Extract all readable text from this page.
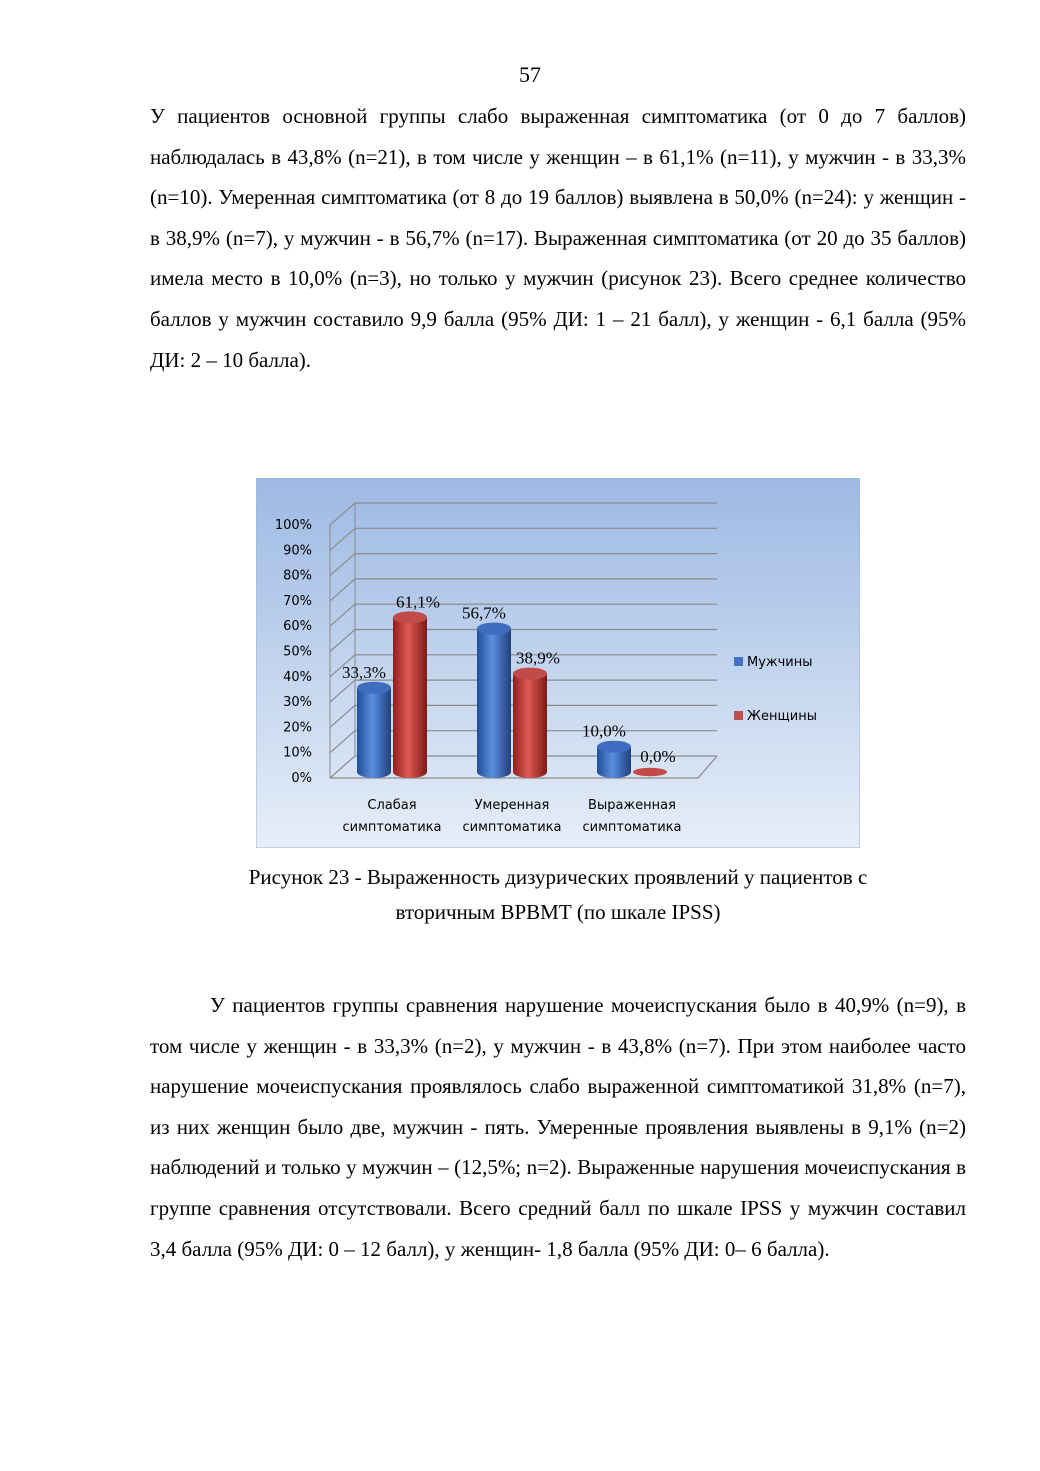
57

У пациентов основной группы слабо выраженная симптоматика (от 0 до 7 баллов) наблюдалась в 43,8% (n=21), в том числе у женщин – в 61,1% (n=11), у мужчин - в 33,3% (n=10). Умеренная симптоматика (от 8 до 19 баллов) выявлена в 50,0% (n=24): у женщин - в 38,9% (n=7), у мужчин - в 56,7% (n=17). Выраженная симптоматика (от 20 до 35 баллов) имела место в 10,0% (n=3), но только у мужчин (рисунок 23). Всего среднее количество баллов у мужчин составило 9,9 балла (95% ДИ: 1 – 21 балл), у женщин - 6,1 балла (95% ДИ: 2 – 10 балла).

0%
10%
20%
30%
40%
50%
60%
70%
80%
90%
100%
33,3%
61,1%
56,7%
38,9%
10,0%
0,0%
Слабая симптоматика
Умеренная симптоматика
Выраженная симптоматика
Мужчины
Женщины
Рисунок 23 - Выраженность дизурических проявлений у пациентов с
вторичным ВРВМТ (по шкале IPSS)

У пациентов группы сравнения нарушение мочеиспускания было в 40,9% (n=9), в том числе у женщин - в 33,3% (n=2), у мужчин - в 43,8% (n=7). При этом наиболее часто нарушение мочеиспускания проявлялось слабо выраженной симптоматикой 31,8% (n=7), из них женщин было две, мужчин - пять. Умеренные проявления выявлены в 9,1% (n=2) наблюдений и только у мужчин – (12,5%; n=2). Выраженные нарушения мочеиспускания в группе сравнения отсутствовали. Всего средний балл по шкале IPSS у мужчин составил 3,4 балла (95% ДИ: 0 – 12 балл), у женщин- 1,8 балла (95% ДИ: 0– 6 балла).
